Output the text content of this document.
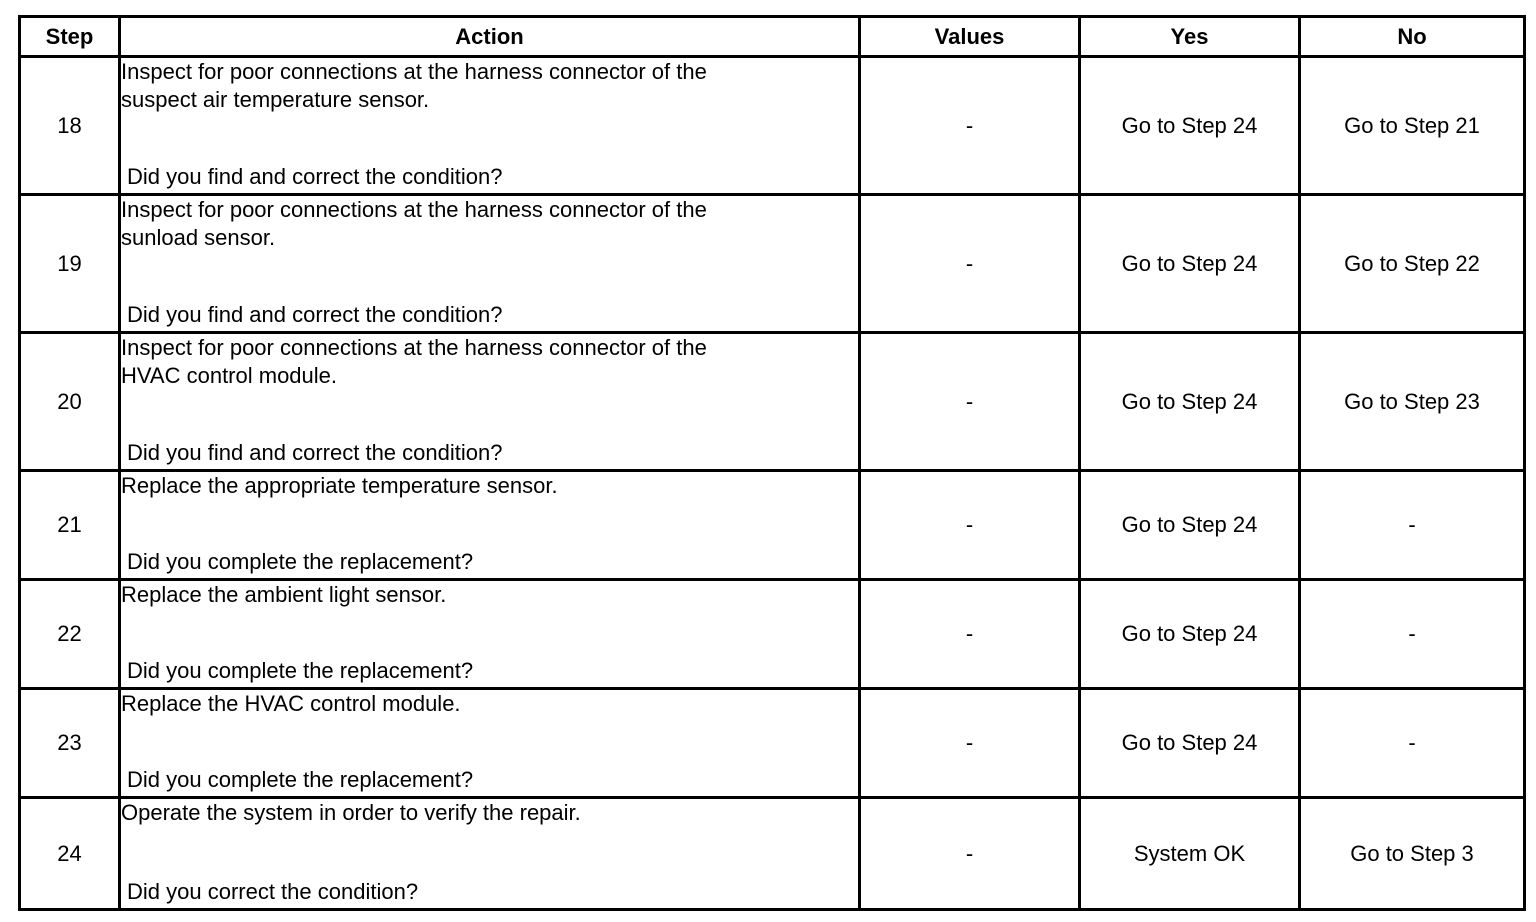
Step	Action	Values	Yes	No
18	Inspect for poor connections at the harness connector of the
suspect air temperature sensor.
Did you find and correct the condition?	-	Go to Step 24	Go to Step 21
19	Inspect for poor connections at the harness connector of the
sunload sensor.
Did you find and correct the condition?	-	Go to Step 24	Go to Step 22
20	Inspect for poor connections at the harness connector of the
HVAC control module.
Did you find and correct the condition?	-	Go to Step 24	Go to Step 23
21	Replace the appropriate temperature sensor.
Did you complete the replacement?	-	Go to Step 24	-
22	Replace the ambient light sensor.
Did you complete the replacement?	-	Go to Step 24	-
23	Replace the HVAC control module.
Did you complete the replacement?	-	Go to Step 24	-
24	Operate the system in order to verify the repair.
Did you correct the condition?	-	System OK	Go to Step 3
